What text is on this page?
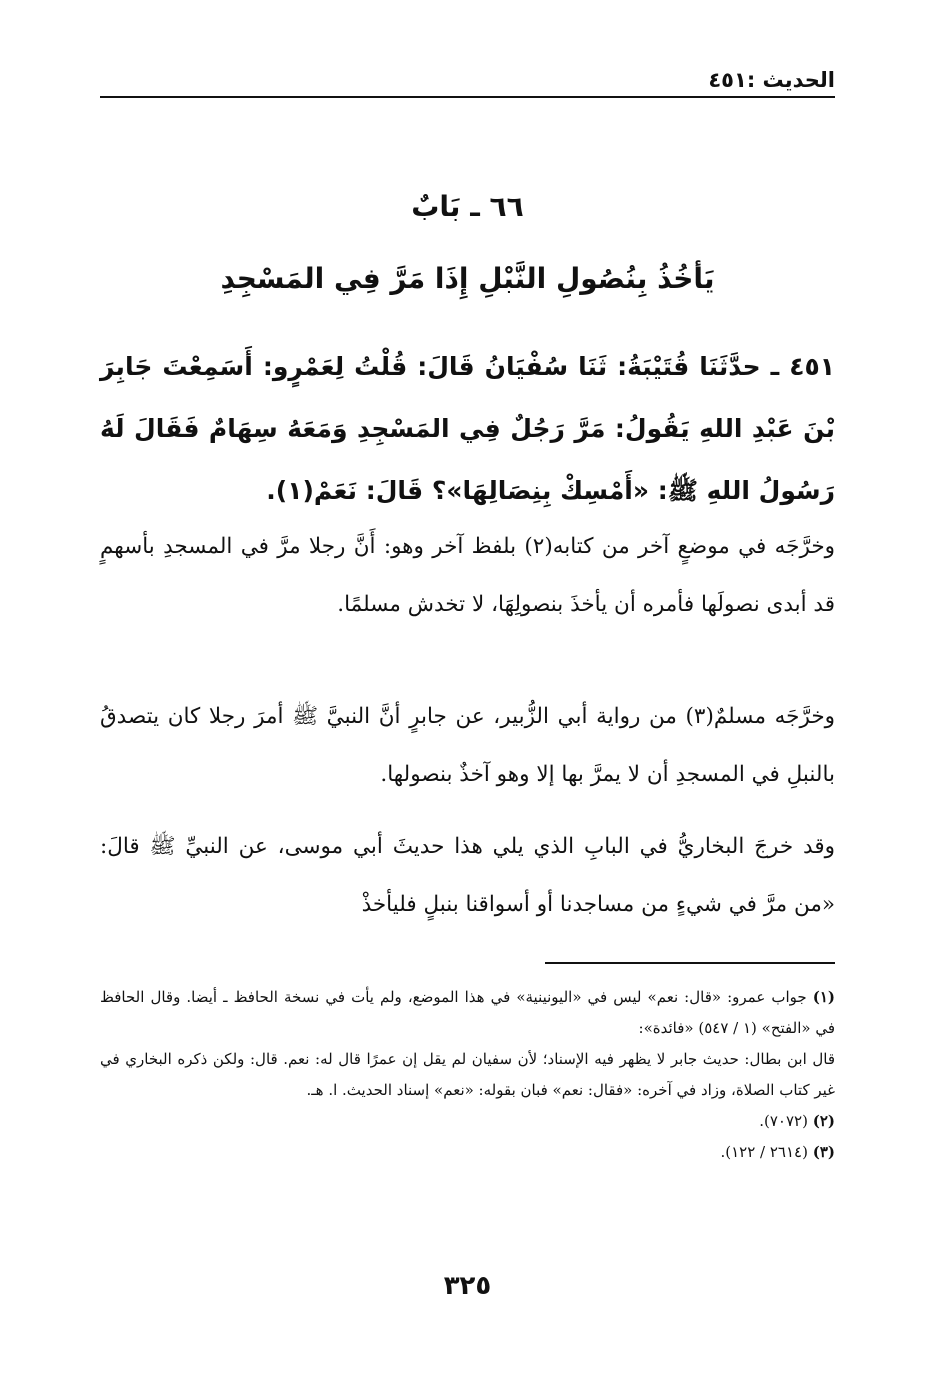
الحديث :٤٥١
٦٦ ـ بَابٌ
يَأخُذُ بِنُصُولِ النَّبْلِ إِذَا مَرَّ فِي المَسْجِدِ
٤٥١ ـ حدَّثَنَا قُتَيْبَةُ: ثَنَا سُفْيَانُ قَالَ: قُلْتُ لِعَمْرٍو: أَسَمِعْتَ جَابِرَ بْنَ عَبْدِ اللهِ يَقُولُ: مَرَّ رَجُلٌ فِي المَسْجِدِ وَمَعَهُ سِهَامٌ فَقَالَ لَهُ رَسُولُ اللهِ ﷺ: «أَمْسِكْ بِنِصَالِهَا»؟ قَالَ: نَعَمْ(١).
وخرَّجَه في موضعٍ آخر من كتابه(٢) بلفظ آخر وهو: أَنَّ رجلا مرَّ في المسجدِ بأسهمٍ قد أبدى نصولَها فأمره أن يأخذَ بنصولِهَا، لا تخدش مسلمًا.
وخرَّجَه مسلمٌ(٣) من رواية أبي الزُّبير، عن جابرٍ أنَّ النبيَّ ﷺ أمرَ رجلا كان يتصدقُ بالنبلِ في المسجدِ أن لا يمرَّ بها إلا وهو آخذٌ بنصولها.
وقد خرجَ البخاريُّ في البابِ الذي يلي هذا حديثَ أبي موسى، عن النبيِّ ﷺ قالَ: «من مرَّ في شيءٍ من مساجدنا أو أسواقنا بنبلٍ فليأخذْ

(١) جواب عمرو: «قال: نعم» ليس في «اليونينية» في هذا الموضع، ولم يأت في نسخة الحافظ ـ أيضا. وقال الحافظ في «الفتح» (١ / ٥٤٧) «فائدة»:

قال ابن بطال: حديث جابر لا يظهر فيه الإسناد؛ لأن سفيان لم يقل إن عمرًا قال له: نعم. قال: ولكن ذكره البخاري في غير كتاب الصلاة، وزاد في آخره: «فقال: نعم» فبان بقوله: «نعم» إسناد الحديث. ا. هـ.

(٢) (٧٠٧٢).

(٣) (٢٦١٤ / ١٢٢).

٣٢٥
